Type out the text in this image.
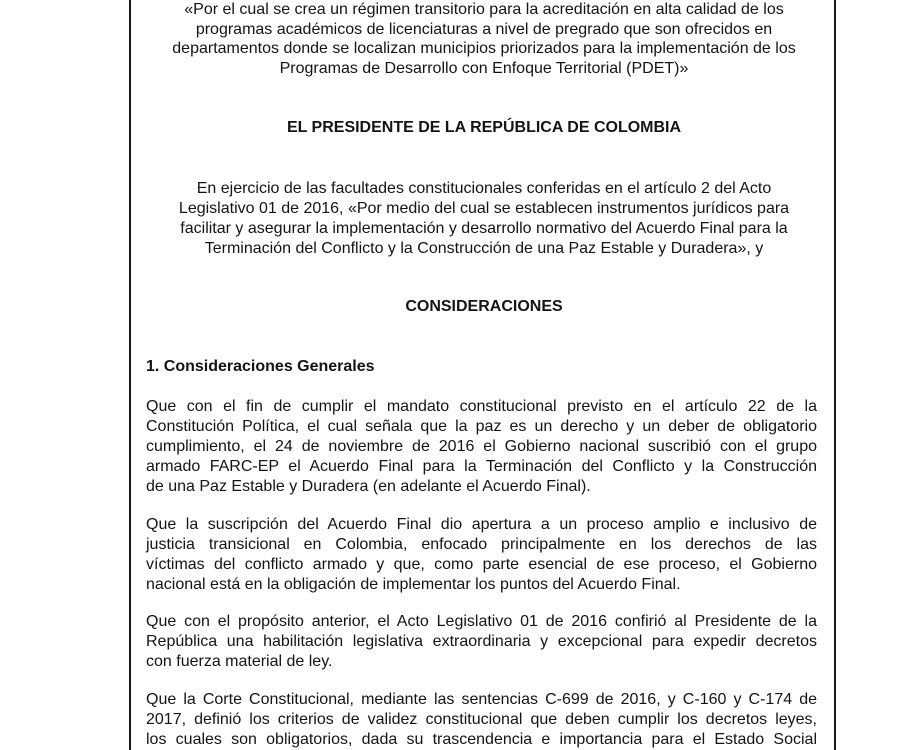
«Por el cual se crea un régimen transitorio para la acreditación en alta calidad de los
programas académicos de licenciaturas a nivel de pregrado que son ofrecidos en
departamentos donde se localizan municipios priorizados para la implementación de los
Programas de Desarrollo con Enfoque Territorial (PDET)»
EL PRESIDENTE DE LA REPÚBLICA DE COLOMBIA
En ejercicio de las facultades constitucionales conferidas en el artículo 2 del Acto
Legislativo 01 de 2016, «Por medio del cual se establecen instrumentos jurídicos para
facilitar y asegurar la implementación y desarrollo normativo del Acuerdo Final para la
Terminación del Conflicto y la Construcción de una Paz Estable y Duradera», y
CONSIDERACIONES
1. Consideraciones Generales
Que con el fin de cumplir el mandato constitucional previsto en el artículo 22 de la
Constitución Política, el cual señala que la paz es un derecho y un deber de obligatorio
cumplimiento, el 24 de noviembre de 2016 el Gobierno nacional suscribió con el grupo
armado FARC-EP el Acuerdo Final para la Terminación del Conflicto y la Construcción
de una Paz Estable y Duradera (en adelante el Acuerdo Final).
Que la suscripción del Acuerdo Final dio apertura a un proceso amplio e inclusivo de
justicia transicional en Colombia, enfocado principalmente en los derechos de las
víctimas del conflicto armado y que, como parte esencial de ese proceso, el Gobierno
nacional está en la obligación de implementar los puntos del Acuerdo Final.
Que con el propósito anterior, el Acto Legislativo 01 de 2016 confirió al Presidente de la
República una habilitación legislativa extraordinaria y excepcional para expedir decretos
con fuerza material de ley.
Que la Corte Constitucional, mediante las sentencias C-699 de 2016, y C-160 y C-174 de
2017, definió los criterios de validez constitucional que deben cumplir los decretos leyes,
los cuales son obligatorios, dada su trascendencia e importancia para el Estado Social
